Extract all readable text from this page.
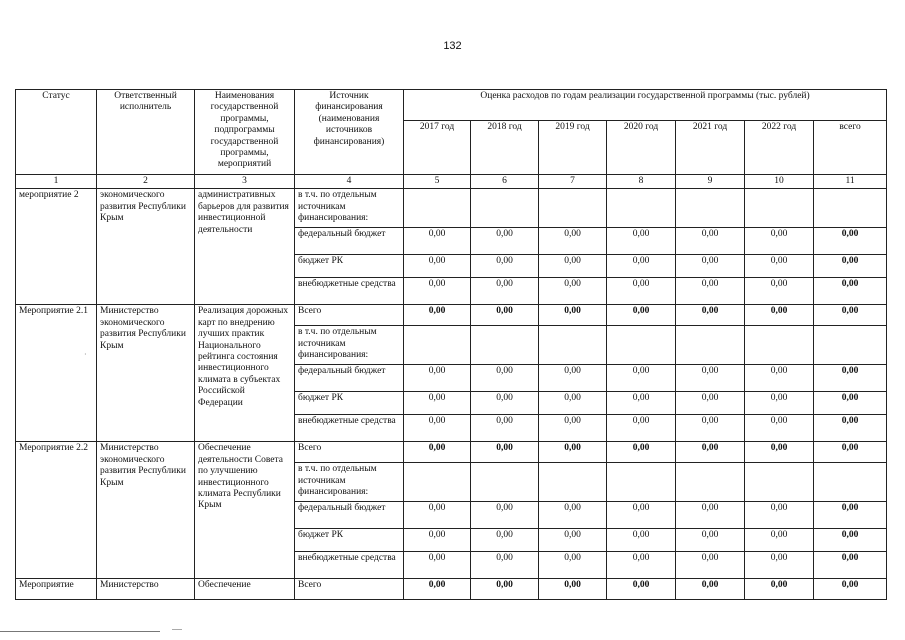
132
Статус	Ответственный исполнитель	Наименования государственной программы, подпрограммы государственной программы, мероприятий	Источник финансирования (наименования источников финансирования)	Оценка расходов по годам реализации государственной программы (тыс. рублей)						
				2017 год	2018 год	2019 год	2020 год	2021 год	2022 год	всего
1	2	3	4	5	6	7	8	9	10	11
мероприятие 2	экономического развития Республики Крым	административных барьеров для развития инвестиционной деятельности	в т.ч. по отдельным источникам финансирования:							
			федеральный бюджет	0,00	0,00	0,00	0,00	0,00	0,00	0,00
			бюджет РК	0,00	0,00	0,00	0,00	0,00	0,00	0,00
			внебюджетные средства	0,00	0,00	0,00	0,00	0,00	0,00	0,00
Мероприятие 2.1	Министерство экономического развития Республики Крым	Реализация дорожных карт по внедрению лучших практик Национального рейтинга состояния инвестиционного климата в субъектах Российской Федерации	Всего	0,00	0,00	0,00	0,00	0,00	0,00	0,00
			в т.ч. по отдельным источникам финансирования:							
			федеральный бюджет	0,00	0,00	0,00	0,00	0,00	0,00	0,00
			бюджет РК	0,00	0,00	0,00	0,00	0,00	0,00	0,00
			внебюджетные средства	0,00	0,00	0,00	0,00	0,00	0,00	0,00
Мероприятие 2.2	Министерство экономического развития Республики Крым	Обеспечение деятельности Совета по улучшению инвестиционного климата Республики Крым	Всего	0,00	0,00	0,00	0,00	0,00	0,00	0,00
			в т.ч. по отдельным источникам финансирования:							
			федеральный бюджет	0,00	0,00	0,00	0,00	0,00	0,00	0,00
			бюджет РК	0,00	0,00	0,00	0,00	0,00	0,00	0,00
			внебюджетные средства	0,00	0,00	0,00	0,00	0,00	0,00	0,00
Мероприятие	Министерство	Обеспечение	Всего	0,00	0,00	0,00	0,00	0,00	0,00	0,00
·
